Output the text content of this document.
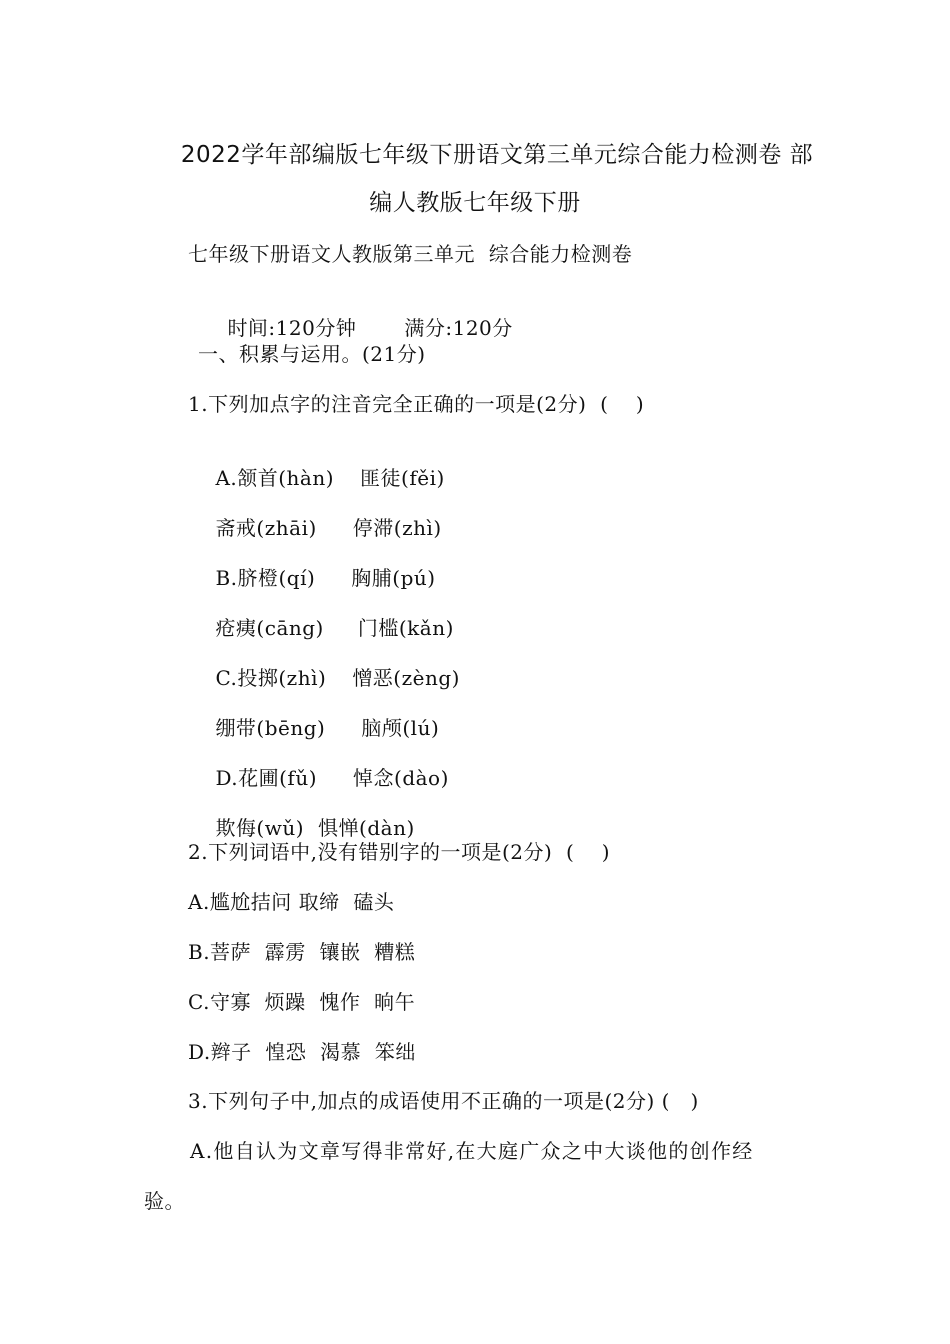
2022学年部编版七年级下册语文第三单元综合能力检测卷 部
编人教版七年级下册
七年级下册语文人教版第三单元  综合能力检测卷

时间:120分钟 满分:120分

一、积累与运用。(21分)
1.下列加点字的注音完全正确的一项是(2分)  (    )

A.颔首(hàn) 匪徒(fěi)

斋戒(zhāi) 停滞(zhì)

B.脐橙(qí) 胸脯(pú)

疮痍(cāng) 门槛(kǎn)

C.投掷(zhì) 憎恶(zèng)

绷带(bēng) 脑颅(lú)

D.花圃(fǔ) 悼念(dào)

欺侮(wǔ) 惧惮(dàn)

2.下列词语中,没有错别字的一项是(2分)  (    )
A.尴尬拮问 取缔  磕头
B.菩萨  霹雳  镶嵌  糟糕
C.守寡  烦躁  愧作  晌午
D.辫子  惶恐  渴慕  笨绌
3.下列句子中,加点的成语使用不正确的一项是(2分) (   )
A.他自认为文章写得非常好,在大庭广众之中大谈他的创作经
验。
